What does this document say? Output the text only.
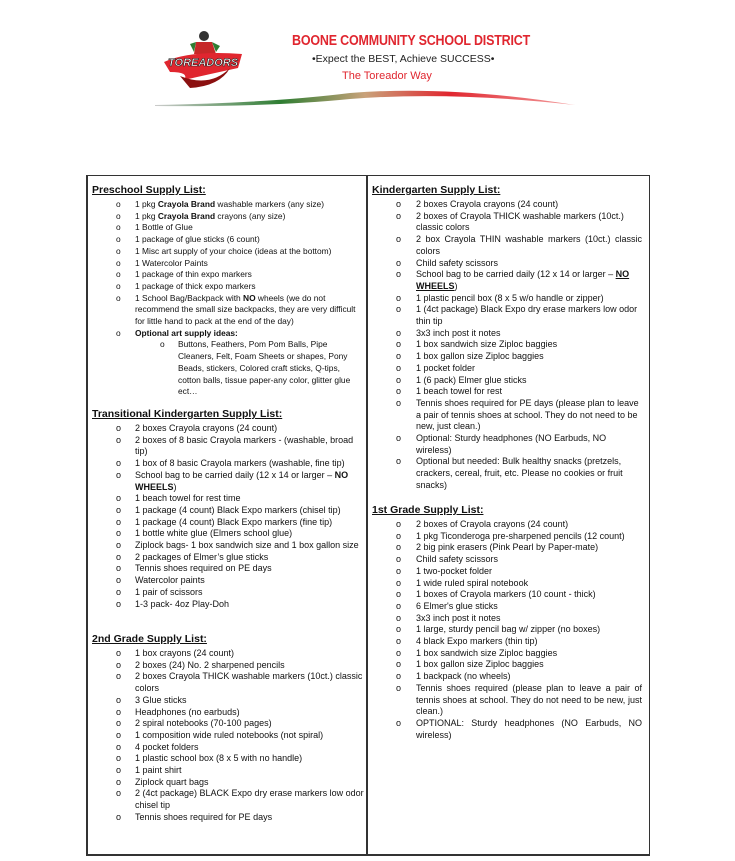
TOREADORS
BOONE COMMUNITY SCHOOL DISTRICT
•Expect the BEST, Achieve SUCCESS•
The Toreador Way
Preschool Supply List:
o 1 pkg Crayola Brand washable markers (any size)
o 1 pkg Crayola Brand crayons (any size)
o 1 Bottle of Glue
o 1 package of glue sticks (6 count)
o 1 Misc art supply of your choice (ideas at the bottom)
o 1 Watercolor Paints
o 1 package of thin expo markers
o 1 package of thick expo markers
o 1 School Bag/Backpack with NO wheels (we do not recommend the small size backpacks, they are very difficult for little hand to pack at the end of the day)
o Optional art supply ideas:
o Buttons, Feathers, Pom Pom Balls, Pipe Cleaners, Felt, Foam Sheets or shapes, Pony Beads, stickers, Colored craft sticks, Q-tips, cotton balls, tissue paper-any color, glitter glue ect…
Transitional Kindergarten Supply List:
o 2 boxes Crayola crayons (24 count)
o 2 boxes of 8 basic Crayola markers - (washable, broad tip)
o 1 box of 8 basic Crayola markers (washable, fine tip)
o School bag to be carried daily (12 x 14 or larger – NO WHEELS)
o 1 beach towel for rest time
o 1 package (4 count) Black Expo markers (chisel tip)
o 1 package (4 count) Black Expo markers (fine tip)
o 1 bottle white glue (Elmers school glue)
o Ziplock bags- 1 box sandwich size and 1 box gallon size
o 2 packages of Elmer’s glue sticks
o Tennis shoes required on PE days
o Watercolor paints
o 1 pair of scissors
o 1-3 pack- 4oz Play-Doh
2nd Grade Supply List:
o 1 box crayons (24 count)
o 2 boxes (24) No. 2 sharpened pencils
o 2 boxes Crayola THICK washable markers (10ct.) classic colors
o 3 Glue sticks
o Headphones (no earbuds)
o 2 spiral notebooks (70-100 pages)
o 1 composition wide ruled notebooks (not spiral)
o 4 pocket folders
o 1 plastic school box (8 x 5 with no handle)
o 1 paint shirt
o Ziplock quart bags
o 2 (4ct package) BLACK Expo dry erase markers low odor chisel tip
o Tennis shoes required for PE days
Kindergarten Supply List:
o 2 boxes Crayola crayons (24 count)
o 2 boxes of Crayola THICK washable markers (10ct.) classic colors
o 2 box Crayola THIN washable markers (10ct.) classic colors
o Child safety scissors
o School bag to be carried daily (12 x 14 or larger – NO WHEELS)
o 1 plastic pencil box (8 x 5 w/o handle or zipper)
o 1 (4ct package) Black Expo dry erase markers low odor thin tip
o 3x3 inch post it notes
o 1 box sandwich size Ziploc baggies
o 1 box gallon size Ziploc baggies
o 1 pocket folder
o 1 (6 pack) Elmer glue sticks
o 1 beach towel for rest
o Tennis shoes required for PE days (please plan to leave a pair of tennis shoes at school. They do not need to be new, just clean.)
o Optional: Sturdy headphones (NO Earbuds, NO wireless)
o Optional but needed: Bulk healthy snacks (pretzels, crackers, cereal, fruit, etc. Please no cookies or fruit snacks)
1st Grade Supply List:
o 2 boxes of Crayola crayons (24 count)
o 1 pkg Ticonderoga pre-sharpened pencils (12 count)
o 2 big pink erasers (Pink Pearl by Paper-mate)
o Child safety scissors
o 1 two-pocket folder
o 1 wide ruled spiral notebook
o 1 boxes of Crayola markers (10 count - thick)
o 6 Elmer's glue sticks
o 3x3 inch post it notes
o 1 large, sturdy pencil bag w/ zipper (no boxes)
o 4 black Expo markers (thin tip)
o 1 box sandwich size Ziploc baggies
o 1 box gallon size Ziploc baggies
o 1 backpack (no wheels)
o Tennis shoes required (please plan to leave a pair of tennis shoes at school. They do not need to be new, just clean.)
o OPTIONAL: Sturdy headphones (NO Earbuds, NO wireless)
